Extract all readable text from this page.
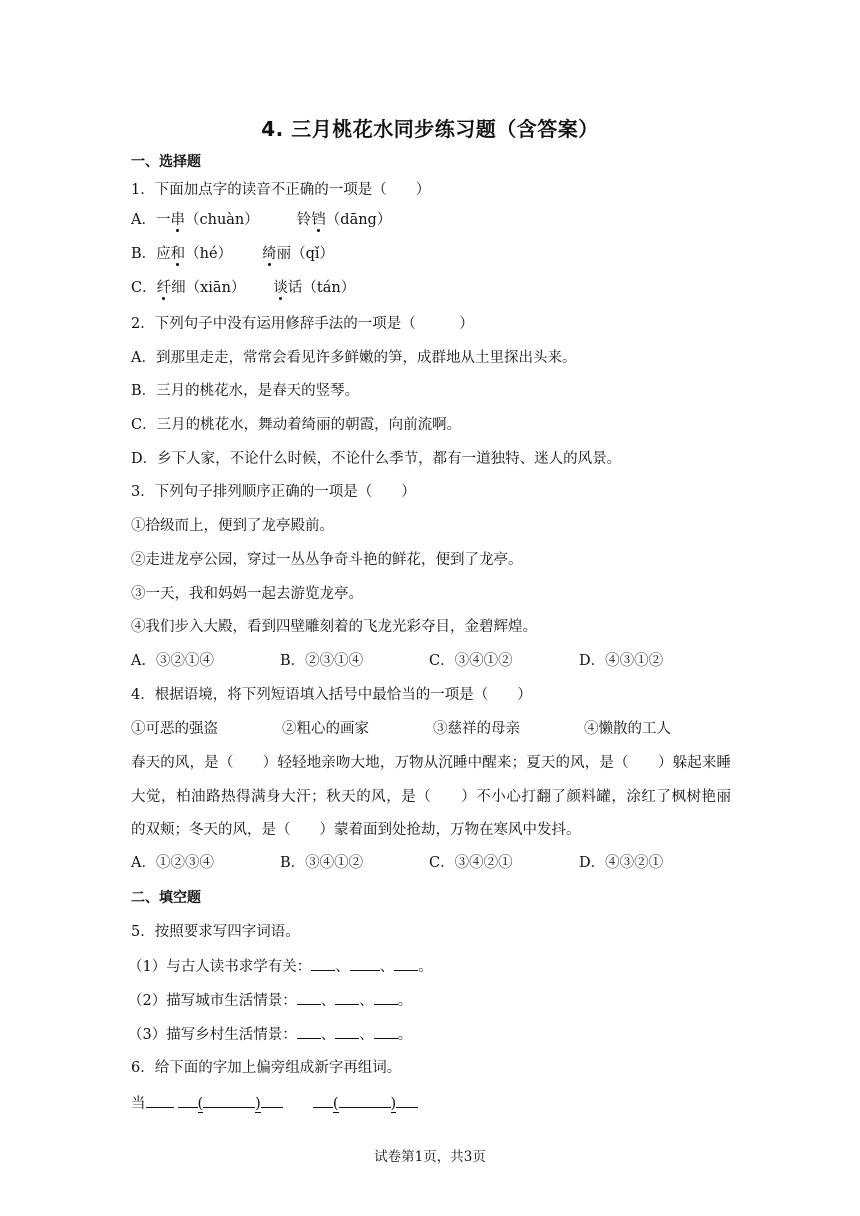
4. 三月桃花水同步练习题（含答案）
一、选择题
1．下面加点字的读音不正确的一项是（　　）
A．一串（chuàn）	铃铛（dāng）
B．应和（hé） 绮丽（qǐ）
C．纤细（xiān） 谈话（tán）
2．下列句子中没有运用修辞手法的一项是（　　　）
A．到那里走走，常常会看见许多鲜嫩的笋，成群地从土里探出头来。
B．三月的桃花水，是春天的竖琴。
C．三月的桃花水，舞动着绮丽的朝霞，向前流啊。
D．乡下人家，不论什么时候，不论什么季节，都有一道独特、迷人的风景。
3．下列句子排列顺序正确的一项是（　　）
①拾级而上，便到了龙亭殿前。
②走进龙亭公园，穿过一丛丛争奇斗艳的鲜花，便到了龙亭。
③一天，我和妈妈一起去游览龙亭。
④我们步入大殿，看到四壁雕刻着的飞龙光彩夺目，金碧辉煌。
A．③②①④	B．②③①④	C．③④①②	D．④③①②
4．根据语境，将下列短语填入括号中最恰当的一项是（　　）
①可恶的强盗	②粗心的画家	③慈祥的母亲	④懒散的工人
春天的风，是（　　）轻轻地亲吻大地，万物从沉睡中醒来；夏天的风，是（　　）躲起来睡
大觉，柏油路热得满身大汗；秋天的风，是（　　）不小心打翻了颜料罐，涂红了枫树艳丽
的双颊；冬天的风，是（　　）蒙着面到处抢劫，万物在寒风中发抖。
A．①②③④	B．③④①②	C．③④②①	D．④③②①
二、填空题
5．按照要求写四字词语。
（1）与古人读书求学有关： 、 、 。
（2）描写城市生活情景： 、 、 。
（3）描写乡村生活情景： 、 、 。
6．给下面的字加上偏旁组成新字再组词。
当	(	)	(	)
试卷第1页，共3页
